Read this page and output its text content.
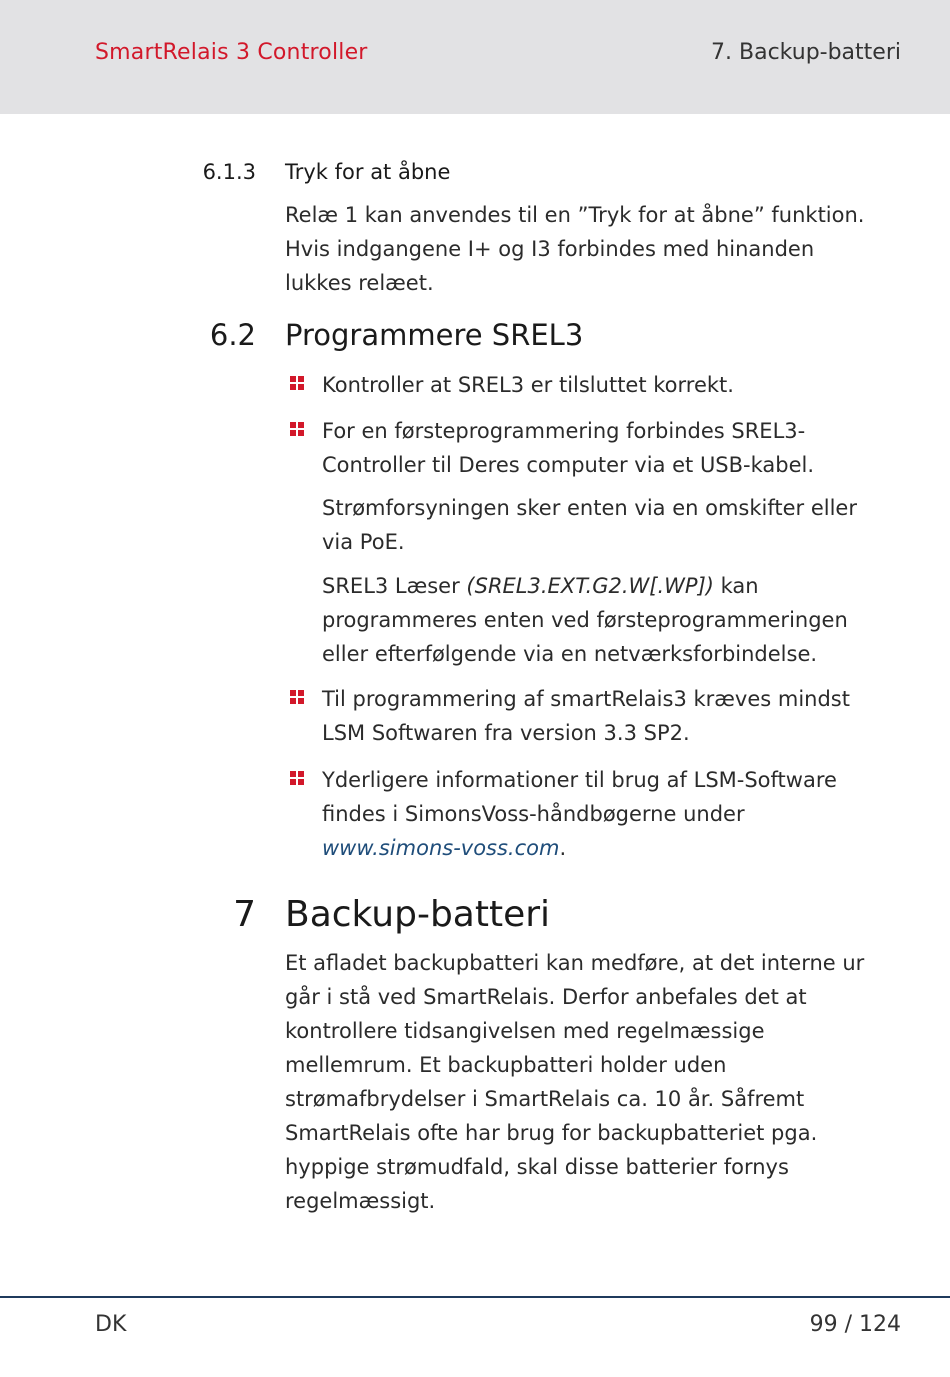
SmartRelais 3 Controller	7. Backup-batteri
6.1.3 Tryk for at åbne
Relæ 1 kan anvendes til en ”Tryk for at åbne” funktion.
Hvis indgangene I+ og I3 forbindes med hinanden
lukkes relæet.
6.2 Programmere SREL3
Kontroller at SREL3 er tilsluttet korrekt.
For en førsteprogrammering forbindes SREL3-
Controller til Deres computer via et USB-kabel.
Strømforsyningen sker enten via en omskifter eller
via PoE.
SREL3 Læser (SREL3.EXT.G2.W[.WP]) kan
programmeres enten ved førsteprogrammeringen
eller efterfølgende via en netværksforbindelse.
Til programmering af smartRelais3 kræves mindst
LSM Softwaren fra version 3.3 SP2.
Yderligere informationer til brug af LSM-Software
findes i SimonsVoss-håndbøgerne under
www.simons-voss.com.
7 Backup-batteri
Et afladet backupbatteri kan medføre, at det interne ur
går i stå ved SmartRelais. Derfor anbefales det at
kontrollere tidsangivelsen med regelmæssige
mellemrum. Et backupbatteri holder uden
strømafbrydelser i SmartRelais ca. 10 år. Såfremt
SmartRelais ofte har brug for backupbatteriet pga.
hyppige strømudfald, skal disse batterier fornys
regelmæssigt.
DK	99 / 124
